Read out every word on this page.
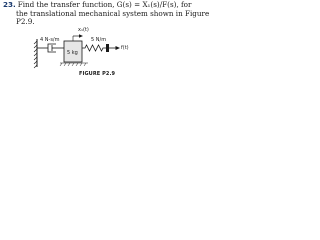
23. Find the transfer function, G(s) = X₁(s)/F(s), for
the translational mechanical system shown in Figure
P2.9.
x₁(t)
4 N-s/m
5 kg
5 N/m
f(t)
FIGURE P2.9
